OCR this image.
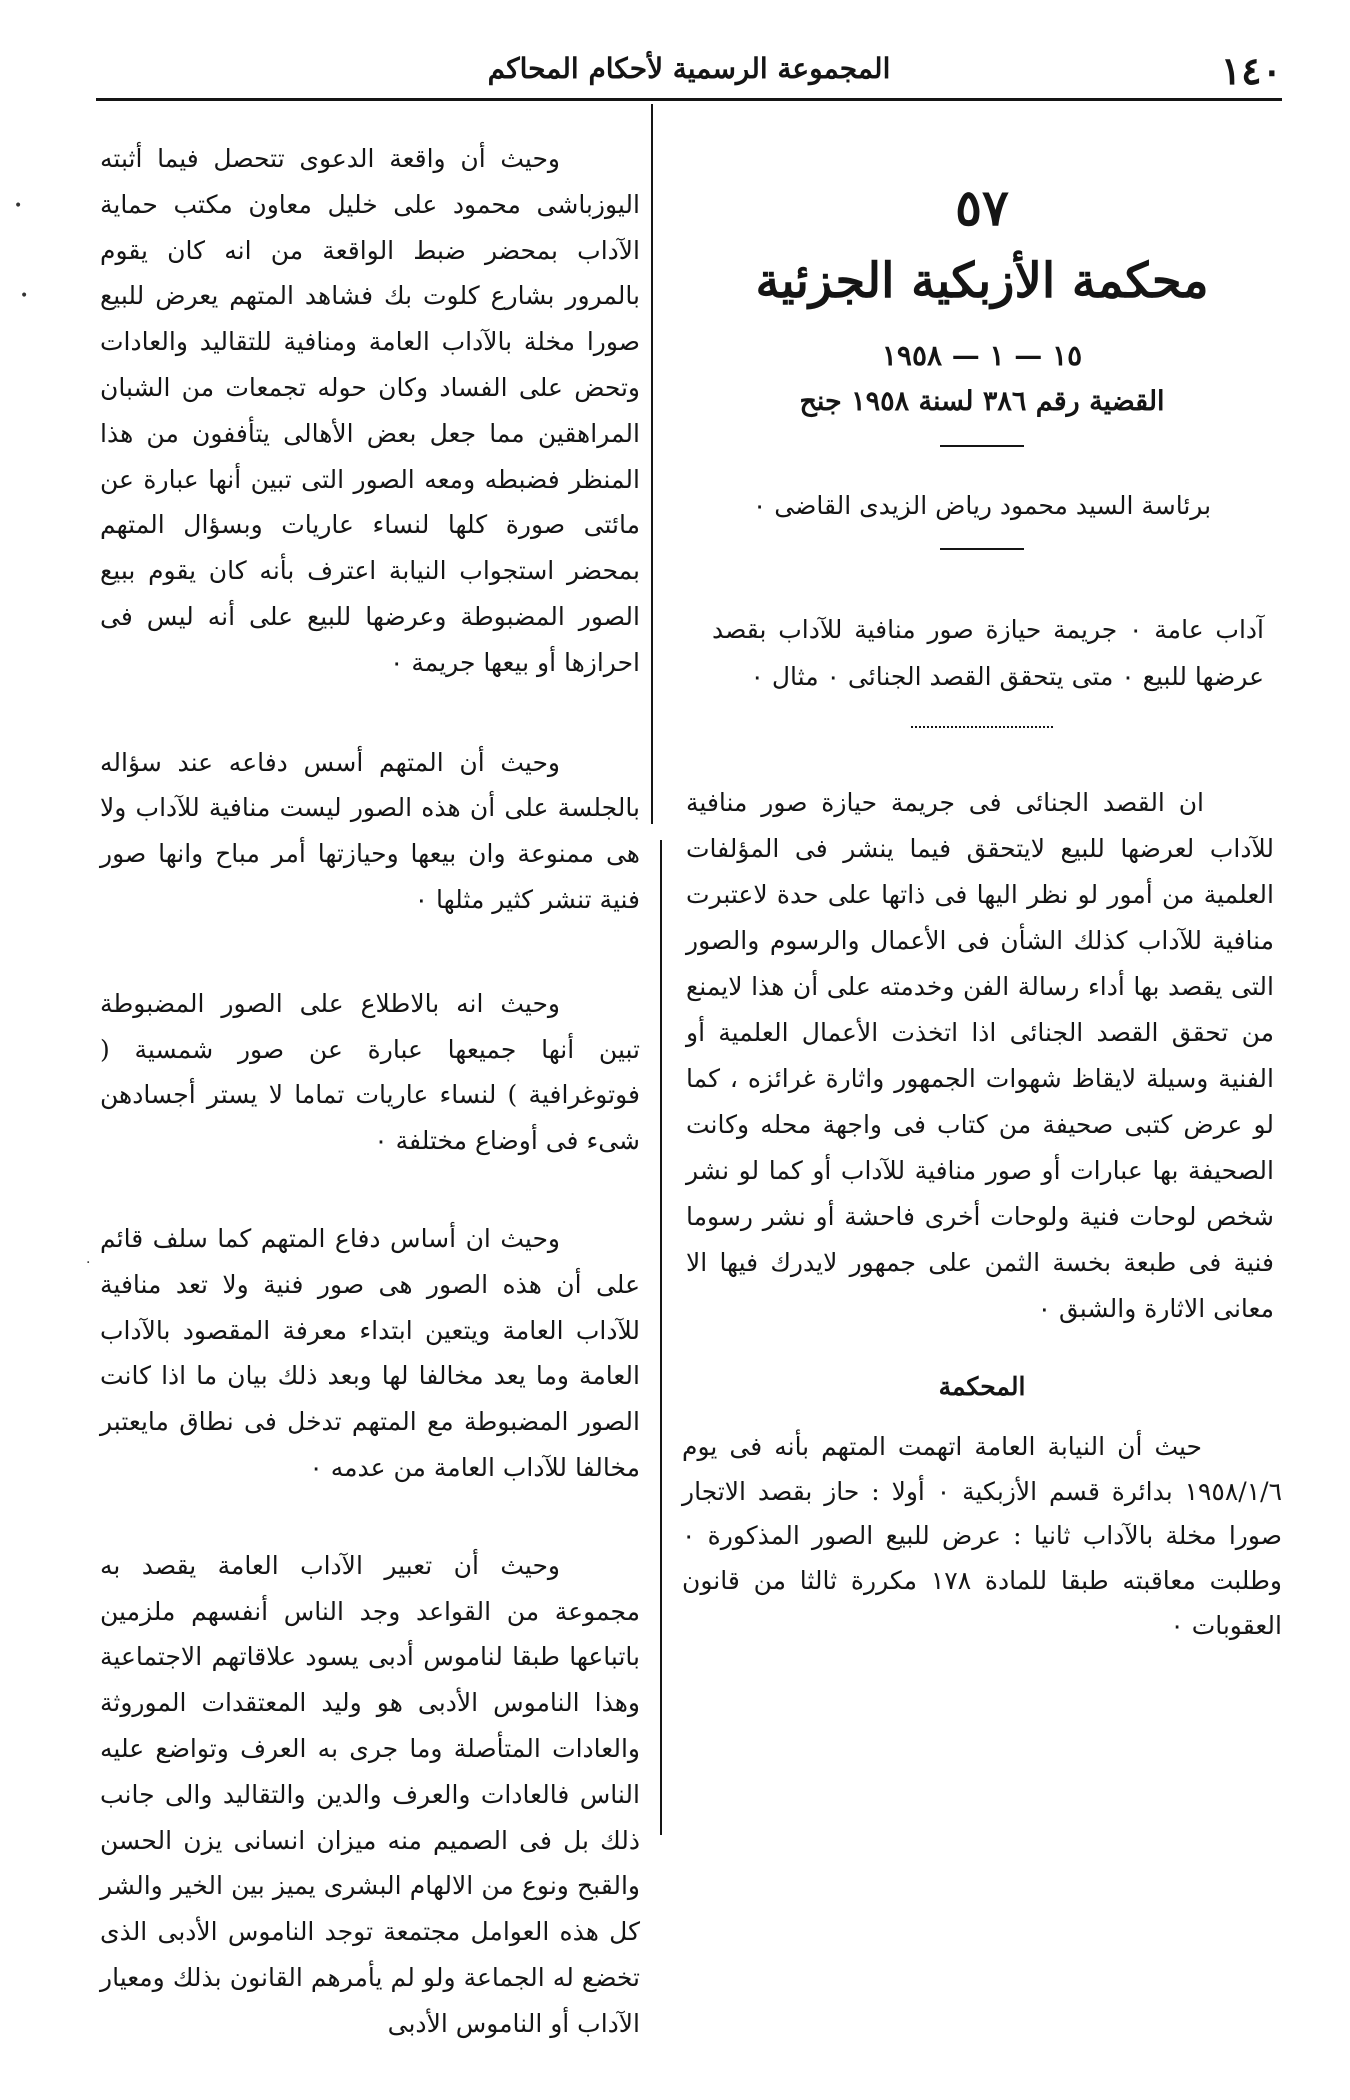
١٤٠
المجموعة الرسمية لأحكام المحاكم
٥٧
محكمة الأزبكية الجزئية
١٥ — ١ — ١٩٥٨
القضية رقم ٣٨٦ لسنة ١٩٥٨ جنح
برئاسة السيد محمود رياض الزيدى القاضى ٠
آداب عامة ٠ جريمة حيازة صور منافية للآداب بقصد عرضها للبيع ٠ متى يتحقق القصد الجنائى ٠ مثال ٠

ان القصد الجنائى فى جريمة حيازة صور منافية للآداب لعرضها للبيع لايتحقق فيما ينشر فى المؤلفات العلمية من أمور لو نظر اليها فى ذاتها على حدة لاعتبرت منافية للآداب كذلك الشأن فى الأعمال والرسوم والصور التى يقصد بها أداء رسالة الفن وخدمته على أن هذا لايمنع من تحقق القصد الجنائى اذا اتخذت الأعمال العلمية أو الفنية وسيلة لايقاظ شهوات الجمهور واثارة غرائزه ، كما لو عرض كتبى صحيفة من كتاب فى واجهة محله وكانت الصحيفة بها عبارات أو صور منافية للآداب أو كما لو نشر شخص لوحات فنية ولوحات أخرى فاحشة أو نشر رسوما فنية فى طبعة بخسة الثمن على جمهور لايدرك فيها الا معانى الاثارة والشبق ٠

المحكمة

حيث أن النيابة العامة اتهمت المتهم بأنه فى يوم ١٩٥٨/١/٦ بدائرة قسم الأزبكية ٠ أولا : حاز بقصد الاتجار صورا مخلة بالآداب ثانيا : عرض للبيع الصور المذكورة ٠ وطلبت معاقبته طبقا للمادة ١٧٨ مكررة ثالثا من قانون العقوبات ٠

وحيث أن واقعة الدعوى تتحصل فيما أثبته اليوزباشى محمود على خليل معاون مكتب حماية الآداب بمحضر ضبط الواقعة من انه كان يقوم بالمرور بشارع كلوت بك فشاهد المتهم يعرض للبيع صورا مخلة بالآداب العامة ومنافية للتقاليد والعادات وتحض على الفساد وكان حوله تجمعات من الشبان المراهقين مما جعل بعض الأهالى يتأففون من هذا المنظر فضبطه ومعه الصور التى تبين أنها عبارة عن مائتى صورة كلها لنساء عاريات وبسؤال المتهم بمحضر استجواب النيابة اعترف بأنه كان يقوم ببيع الصور المضبوطة وعرضها للبيع على أنه ليس فى احرازها أو بيعها جريمة ٠

وحيث أن المتهم أسس دفاعه عند سؤاله بالجلسة على أن هذه الصور ليست منافية للآداب ولا هى ممنوعة وان بيعها وحيازتها أمر مباح وانها صور فنية تنشر كثير مثلها ٠

وحيث انه بالاطلاع على الصور المضبوطة تبين أنها جميعها عبارة عن صور شمسية ( فوتوغرافية ) لنساء عاريات تماما لا يستر أجسادهن شىء فى أوضاع مختلفة ٠

وحيث ان أساس دفاع المتهم كما سلف قائم على أن هذه الصور هى صور فنية ولا تعد منافية للآداب العامة ويتعين ابتداء معرفة المقصود بالآداب العامة وما يعد مخالفا لها وبعد ذلك بيان ما اذا كانت الصور المضبوطة مع المتهم تدخل فى نطاق مايعتبر مخالفا للآداب العامة من عدمه ٠

وحيث أن تعبير الآداب العامة يقصد به مجموعة من القواعد وجد الناس أنفسهم ملزمين باتباعها طبقا لناموس أدبى يسود علاقاتهم الاجتماعية وهذا الناموس الأدبى هو وليد المعتقدات الموروثة والعادات المتأصلة وما جرى به العرف وتواضع عليه الناس فالعادات والعرف والدين والتقاليد والى جانب ذلك بل فى الصميم منه ميزان انسانى يزن الحسن والقبح ونوع من الالهام البشرى يميز بين الخير والشر كل هذه العوامل مجتمعة توجد الناموس الأدبى الذى تخضع له الجماعة ولو لم يأمرهم القانون بذلك ومعيار الآداب أو الناموس الأدبى

•
•
·
